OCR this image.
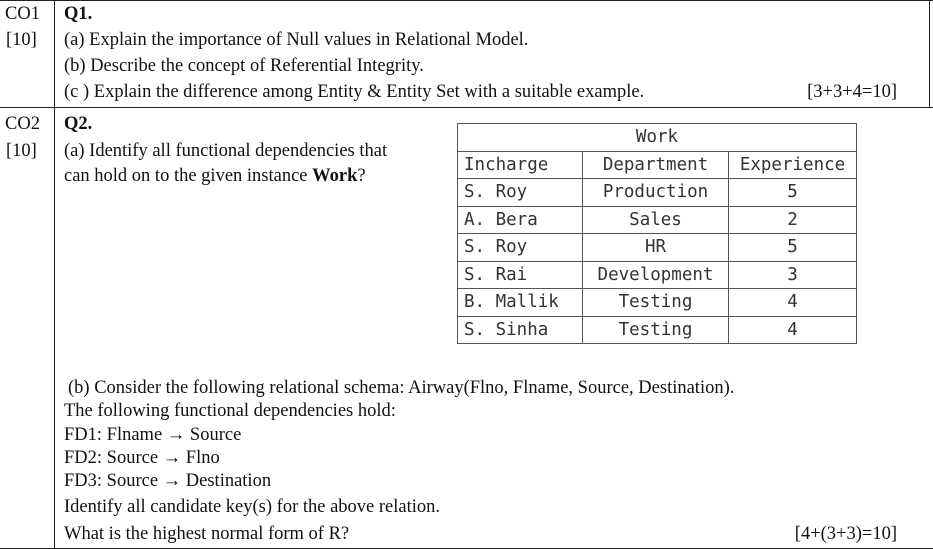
CO1
[10]
Q1.
(a) Explain the importance of Null values in Relational Model.
(b) Describe the concept of Referential Integrity.
(c ) Explain the difference among Entity & Entity Set with a suitable example.	[3+3+4=10]
CO2
[10]
Q2.
(a) Identify all functional dependencies that
can hold on to the given instance Work?
Work		
Incharge	Department	Experience
S. Roy	Production	5
A. Bera	Sales	2
S. Roy	HR	5
S. Rai	Development	3
B. Mallik	Testing	4
S. Sinha	Testing	4
(b) Consider the following relational schema: Airway(Flno, Flname, Source, Destination).
The following functional dependencies hold:
FD1: Flname → Source
FD2: Source → Flno
FD3: Source → Destination
Identify all candidate key(s) for the above relation.
What is the highest normal form of R?	[4+(3+3)=10]
